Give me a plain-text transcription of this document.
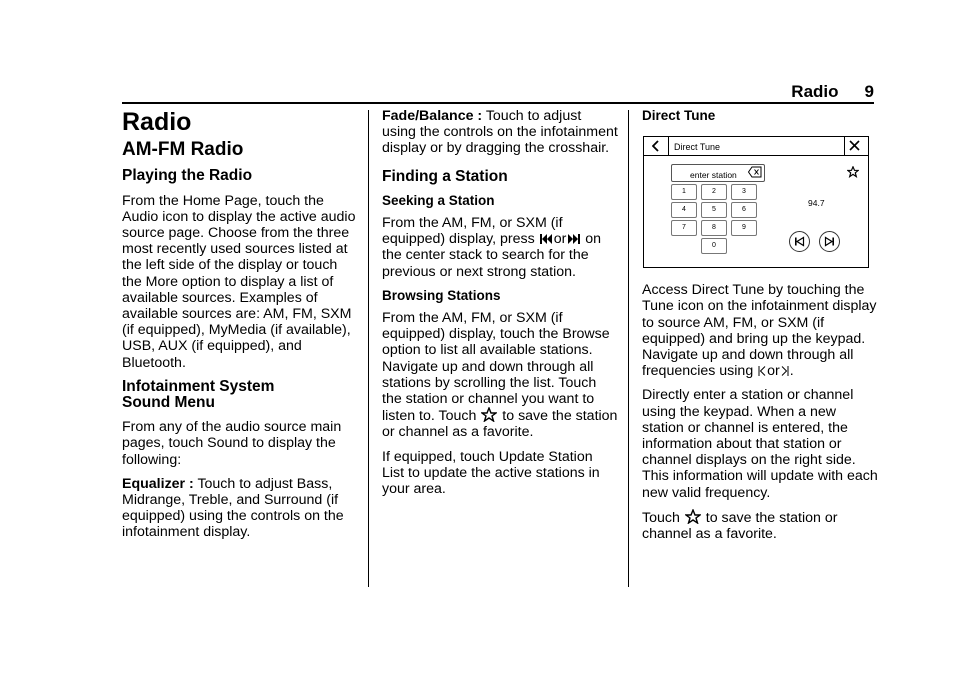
Radio 9
Radio
AM-FM Radio
Playing the Radio

From the Home Page, touch the Audio icon to display the active audio source page. Choose from the three most recently used sources listed at the left side of the display or touch the More option to display a list of available sources. Examples of available sources are: AM, FM, SXM (if equipped), MyMedia (if available), USB, AUX (if equipped), and Bluetooth.

Infotainment System
Sound Menu

From any of the audio source main pages, touch Sound to display the following:

Equalizer : Touch to adjust Bass, Midrange, Treble, and Surround (if equipped) using the controls on the infotainment display.

Fade/Balance : Touch to adjust using the controls on the infotainment display or by dragging the crosshair.

Finding a Station
Seeking a Station

From the AM, FM, or SXM (if equipped) display, press or on the center stack to search for the previous or next strong station.

Browsing Stations

From the AM, FM, or SXM (if equipped) display, touch the Browse option to list all available stations. Navigate up and down through all stations by scrolling the list. Touch the station or channel you want to listen to. Touch to save the station or channel as a favorite.

If equipped, touch Update Station List to update the active stations in your area.

Direct Tune
Direct Tune
enter station
94.7
1	2	3
4	5	6
7	8	9
0

Access Direct Tune by touching the Tune icon on the infotainment display to source AM, FM, or SXM (if equipped) and bring up the keypad. Navigate up and down through all frequencies using or .

Directly enter a station or channel using the keypad. When a new station or channel is entered, the information about that station or channel displays on the right side. This information will update with each new valid frequency.

Touch to save the station or channel as a favorite.
